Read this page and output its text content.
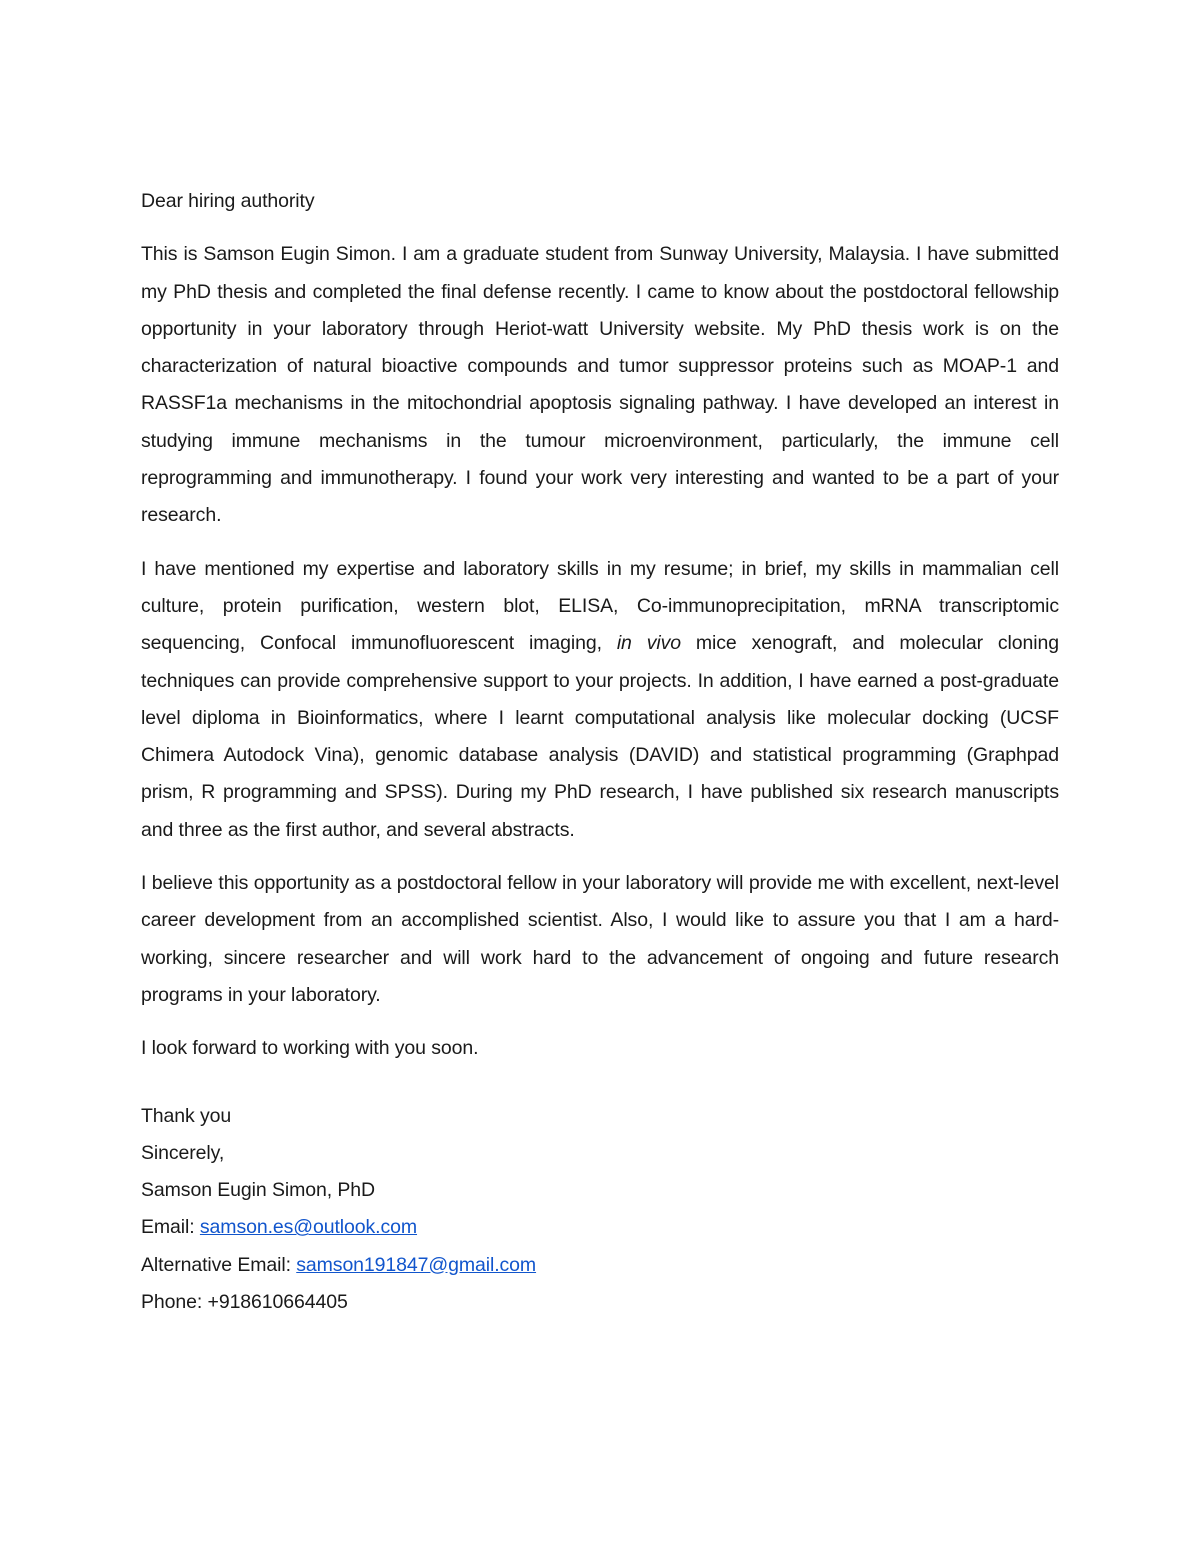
Dear hiring authority

This is Samson Eugin Simon. I am a graduate student from Sunway University, Malaysia. I have submitted my PhD thesis and completed the final defense recently. I came to know about the postdoctoral fellowship opportunity in your laboratory through Heriot-watt University website. My PhD thesis work is on the characterization of natural bioactive compounds and tumor suppressor proteins such as MOAP-1 and RASSF1a mechanisms in the mitochondrial apoptosis signaling pathway. I have developed an interest in studying immune mechanisms in the tumour microenvironment, particularly, the immune cell reprogramming and immunotherapy. I found your work very interesting and wanted to be a part of your research.

I have mentioned my expertise and laboratory skills in my resume; in brief, my skills in mammalian cell culture, protein purification, western blot, ELISA, Co-immunoprecipitation, mRNA transcriptomic sequencing, Confocal immunofluorescent imaging, in vivo mice xenograft, and molecular cloning techniques can provide comprehensive support to your projects. In addition, I have earned a post-graduate level diploma in Bioinformatics, where I learnt computational analysis like molecular docking (UCSF Chimera Autodock Vina), genomic database analysis (DAVID) and statistical programming (Graphpad prism, R programming and SPSS). During my PhD research, I have published six research manuscripts and three as the first author, and several abstracts.

I believe this opportunity as a postdoctoral fellow in your laboratory will provide me with excellent, next-level career development from an accomplished scientist. Also, I would like to assure you that I am a hard-working, sincere researcher and will work hard to the advancement of ongoing and future research programs in your laboratory.

I look forward to working with you soon.

Thank you

Sincerely,

Samson Eugin Simon, PhD

Email: samson.es@outlook.com

Alternative Email: samson191847@gmail.com

Phone: +918610664405
